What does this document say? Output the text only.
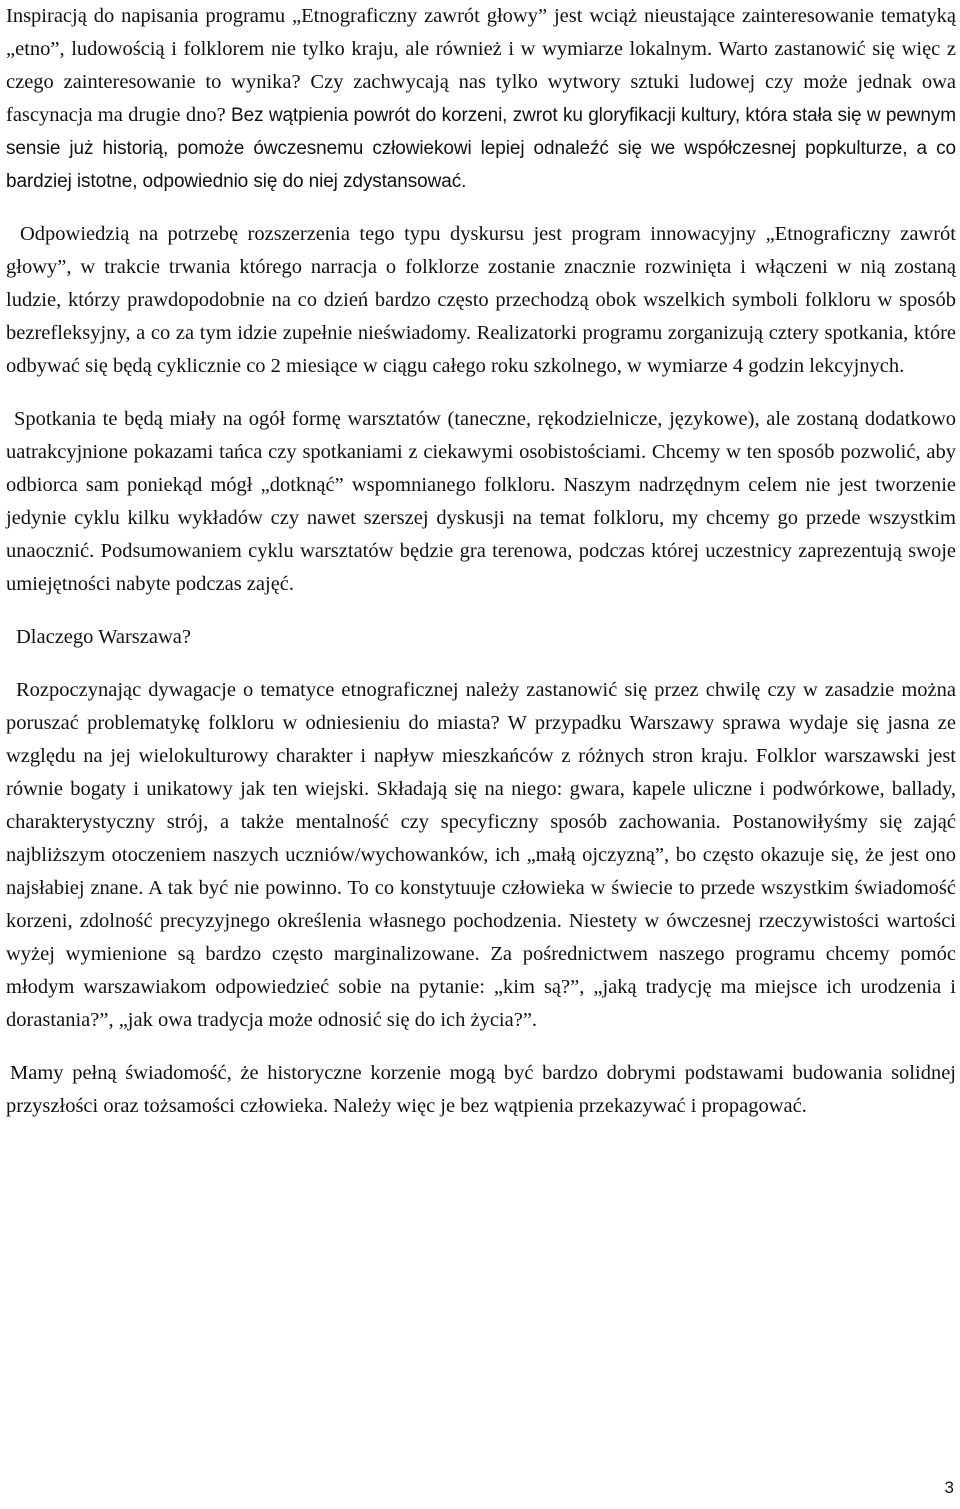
Inspiracją do napisania programu „Etnograficzny zawrót głowy” jest wciąż nieustające zainteresowanie tematyką „etno”, ludowością i folklorem nie tylko kraju, ale również i w wymiarze lokalnym. Warto zastanowić się więc z czego zainteresowanie to wynika? Czy zachwycają nas tylko wytwory sztuki ludowej czy może jednak owa fascynacja ma drugie dno? Bez wątpienia powrót do korzeni, zwrot ku gloryfikacji kultury, która stała się w pewnym sensie już historią, pomoże ówczesnemu człowiekowi lepiej odnaleźć się we współczesnej popkulturze, a co bardziej istotne, odpowiednio się do niej zdystansować.

Odpowiedzią na potrzebę rozszerzenia tego typu dyskursu jest program innowacyjny „Etnograficzny zawrót głowy”, w trakcie trwania którego narracja o folklorze zostanie znacznie rozwinięta i włączeni w nią zostaną ludzie, którzy prawdopodobnie na co dzień bardzo często przechodzą obok wszelkich symboli folkloru w sposób bezrefleksyjny, a co za tym idzie zupełnie nieświadomy. Realizatorki programu zorganizują cztery spotkania, które odbywać się będą cyklicznie co 2 miesiące w ciągu całego roku szkolnego, w wymiarze 4 godzin lekcyjnych.

Spotkania te będą miały na ogół formę warsztatów (taneczne, rękodzielnicze, językowe), ale zostaną dodatkowo uatrakcyjnione pokazami tańca czy spotkaniami z ciekawymi osobistościami. Chcemy w ten sposób pozwolić, aby odbiorca sam poniekąd mógł „dotknąć” wspomnianego folkloru. Naszym nadrzędnym celem nie jest tworzenie jedynie cyklu kilku wykładów czy nawet szerszej dyskusji na temat folkloru, my chcemy go przede wszystkim unaocznić. Podsumowaniem cyklu warsztatów będzie gra terenowa, podczas której uczestnicy zaprezentują swoje umiejętności nabyte podczas zajęć.

Dlaczego Warszawa?

Rozpoczynając dywagacje o tematyce etnograficznej należy zastanowić się przez chwilę czy w zasadzie można poruszać problematykę folkloru w odniesieniu do miasta? W przypadku Warszawy sprawa wydaje się jasna ze względu na jej wielokulturowy charakter i napływ mieszkańców z różnych stron kraju. Folklor warszawski jest równie bogaty i unikatowy jak ten wiejski. Składają się na niego: gwara, kapele uliczne i podwórkowe, ballady, charakterystyczny strój, a także mentalność czy specyficzny sposób zachowania. Postanowiłyśmy się zająć najbliższym otoczeniem naszych uczniów/wychowanków, ich „małą ojczyzną”, bo często okazuje się, że jest ono najsłabiej znane. A tak być nie powinno. To co konstytuuje człowieka w świecie to przede wszystkim świadomość korzeni, zdolność precyzyjnego określenia własnego pochodzenia. Niestety w ówczesnej rzeczywistości wartości wyżej wymienione są bardzo często marginalizowane. Za pośrednictwem naszego programu chcemy pomóc młodym warszawiakom odpowiedzieć sobie na pytanie: „kim są?”, „jaką tradycję ma miejsce ich urodzenia i dorastania?”, „jak owa tradycja może odnosić się do ich życia?”.

Mamy pełną świadomość, że historyczne korzenie mogą być bardzo dobrymi podstawami budowania solidnej przyszłości oraz tożsamości człowieka. Należy więc je bez wątpienia przekazywać i propagować.

3
